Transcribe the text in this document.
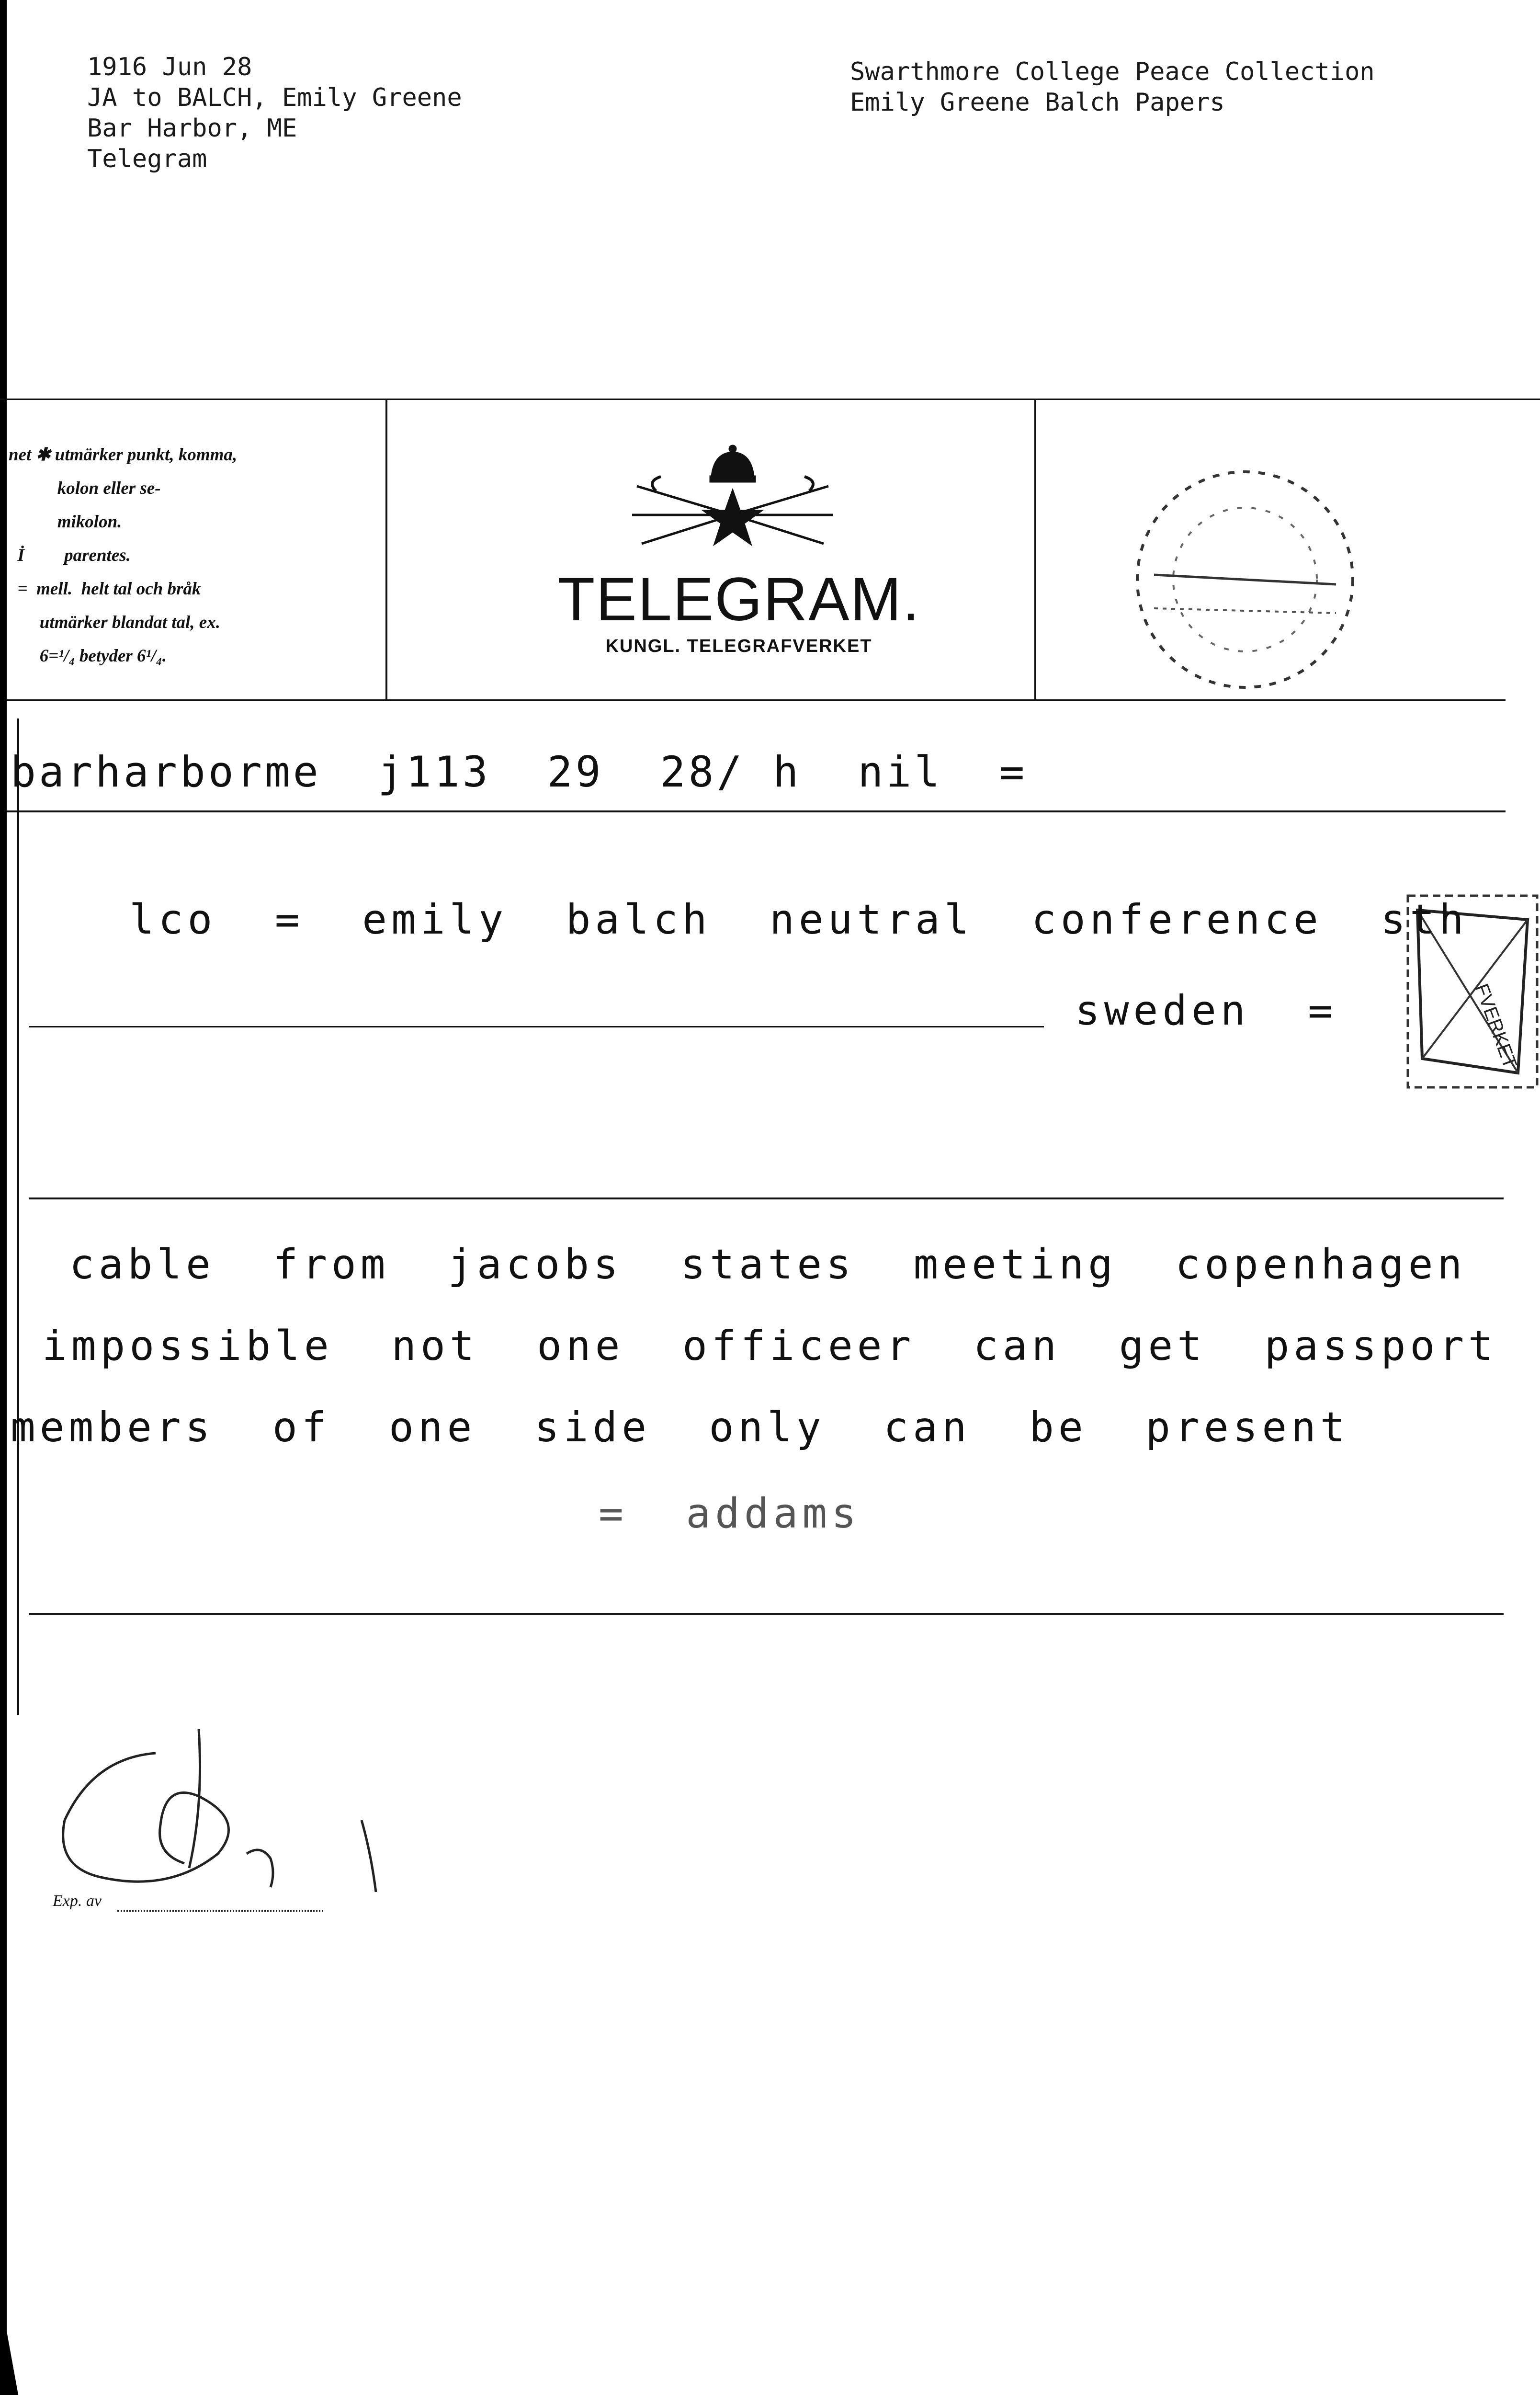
1916 Jun 28
JA to BALCH, Emily Greene
Bar Harbor, ME
Telegram
Swarthmore College Peace Collection
Emily Greene Balch Papers
net ✱ utmärker punkt, komma,
kolon eller se-
mikolon.
İ         parentes.
=  mell.  helt tal och bråk
utmärker blandat tal, ex.
6=¹/₄ betyder 6¹/₄.
TELEGRAM.
KUNGL. TELEGRAFVERKET
FVERKET
barharborme  j113  29  28/ h  nil  =
lco  =  emily  balch  neutral  conference  sth
sweden  =
cable  from  jacobs  states  meeting  copenhagen
impossible  not  one  officeer  can  get  passport
members  of  one  side  only  can  be  present
=  addams
Exp. av
